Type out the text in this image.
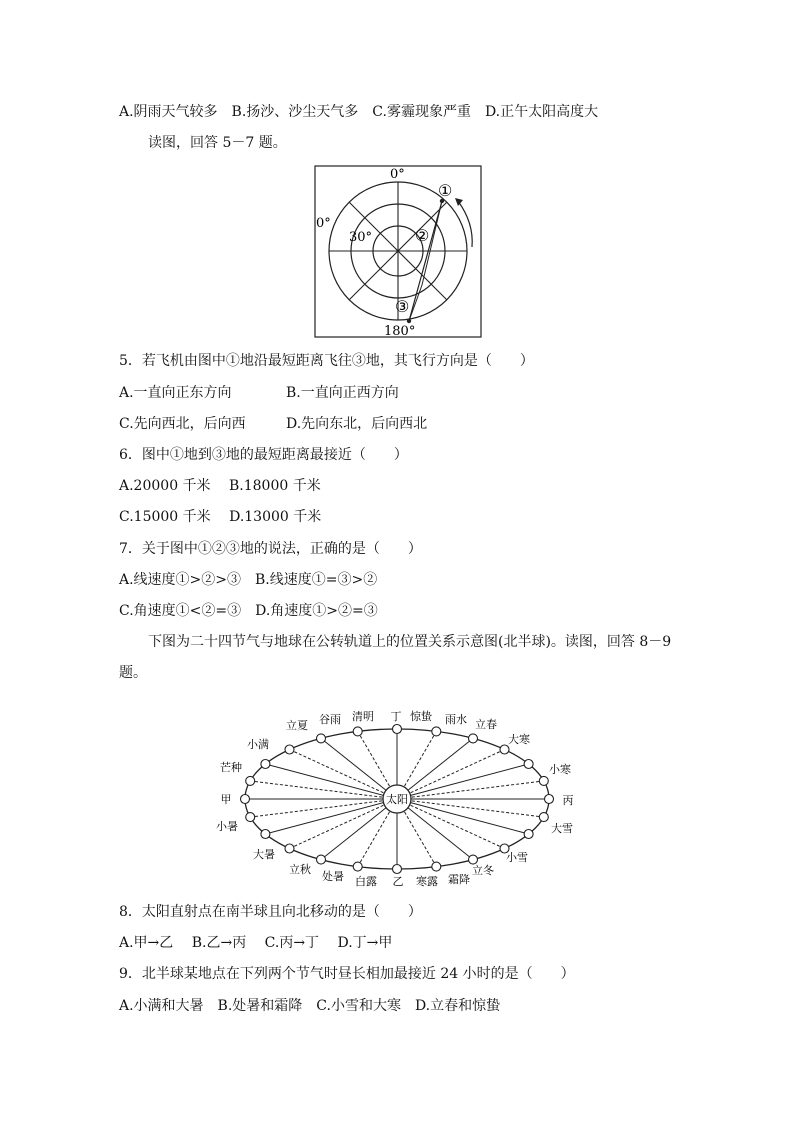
A.阴雨天气较多　B.扬沙、沙尘天气多　C.雾霾现象严重　D.正午太阳高度大
读图，回答 5－7 题。
0°
0°
30°
180°
①
②
③
5．若飞机由图中①地沿最短距离飞往③地，其飞行方向是（　　）
A.一直向正东方向	B.一直向正西方向
C.先向西北，后向西	D.先向东北，后向西北
6．图中①地到③地的最短距离最接近（　　）
A.20000 千米　 B.18000 千米
C.15000 千米　 D.13000 千米
7．关于图中①②③地的说法，正确的是（　　）
A.线速度①>②>③　B.线速度①=③>②
C.角速度①<②=③　D.角速度①>②=③
下图为二十四节气与地球在公转轨道上的位置关系示意图(北半球)。读图，回答 8－9
题。
太阳
立夏 谷雨 清明 丁 惊蛰 雨水 立春
大寒
小满
小寒
芒种
甲	丙
小暑	大雪
大暑	小雪
立秋	立冬
处暑 白露 乙 寒露 霜降
8．太阳直射点在南半球且向北移动的是（　　）
A.甲→乙　 B.乙→丙　 C.丙→丁　 D.丁→甲
9．北半球某地点在下列两个节气时昼长相加最接近 24 小时的是（　　）
A.小满和大暑　B.处暑和霜降　C.小雪和大寒　D.立春和惊蛰
